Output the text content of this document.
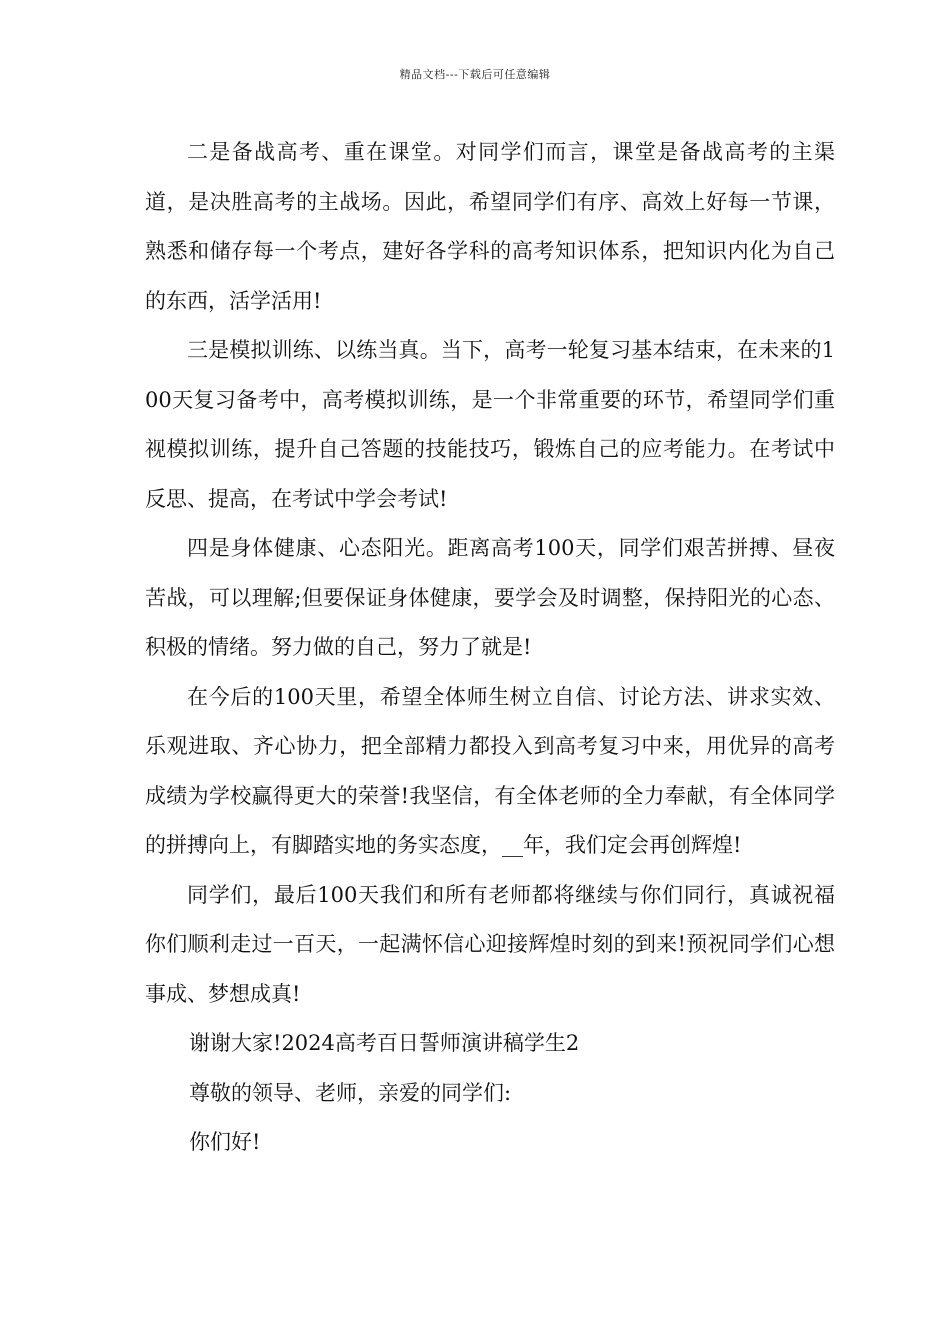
精品文档---下载后可任意编辑

二是备战高考、重在课堂。对同学们而言，课堂是备战高考的主渠道，是决胜高考的主战场。因此，希望同学们有序、高效上好每一节课，熟悉和储存每一个考点，建好各学科的高考知识体系，把知识内化为自己的东西，活学活用!

三是模拟训练、以练当真。当下，高考一轮复习基本结束，在未来的100天复习备考中，高考模拟训练，是一个非常重要的环节，希望同学们重视模拟训练，提升自己答题的技能技巧，锻炼自己的应考能力。在考试中反思、提高，在考试中学会考试!

四是身体健康、心态阳光。距离高考100天，同学们艰苦拼搏、昼夜苦战，可以理解;但要保证身体健康，要学会及时调整，保持阳光的心态、积极的情绪。努力做的自己，努力了就是!

在今后的100天里，希望全体师生树立自信、讨论方法、讲求实效、乐观进取、齐心协力，把全部精力都投入到高考复习中来，用优异的高考成绩为学校赢得更大的荣誉!我坚信，有全体老师的全力奉献，有全体同学的拼搏向上，有脚踏实地的务实态度，__年，我们定会再创辉煌!

同学们，最后100天我们和所有老师都将继续与你们同行，真诚祝福你们顺利走过一百天，一起满怀信心迎接辉煌时刻的到来!预祝同学们心想事成、梦想成真!

谢谢大家!2024高考百日誓师演讲稿学生2

尊敬的领导、老师，亲爱的同学们:

你们好!
